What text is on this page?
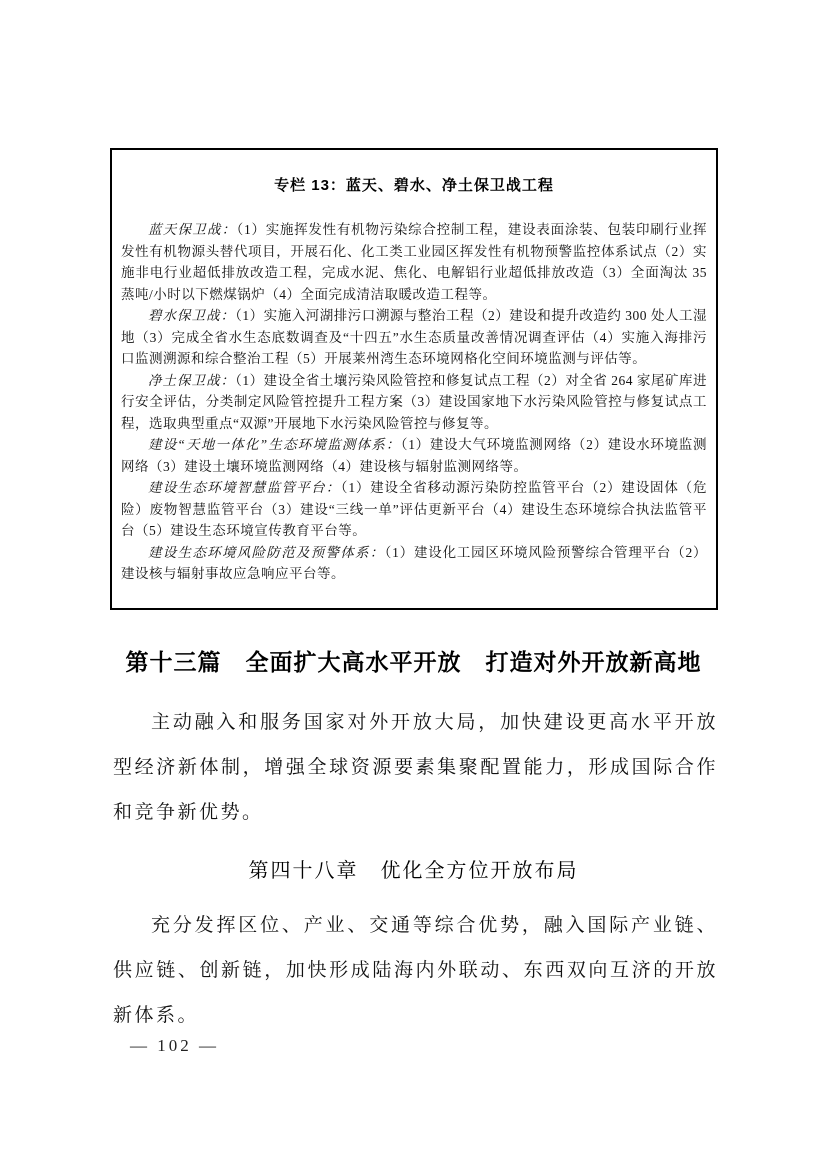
专栏 13：蓝天、碧水、净土保卫战工程

蓝天保卫战：（1）实施挥发性有机物污染综合控制工程，建设表面涂装、包装印刷行业挥发性有机物源头替代项目，开展石化、化工类工业园区挥发性有机物预警监控体系试点（2）实施非电行业超低排放改造工程，完成水泥、焦化、电解铝行业超低排放改造（3）全面淘汰 35 蒸吨/小时以下燃煤锅炉（4）全面完成清洁取暖改造工程等。

碧水保卫战：（1）实施入河湖排污口溯源与整治工程（2）建设和提升改造约 300 处人工湿地（3）完成全省水生态底数调查及“十四五”水生态质量改善情况调查评估（4）实施入海排污口监测溯源和综合整治工程（5）开展莱州湾生态环境网格化空间环境监测与评估等。

净土保卫战：（1）建设全省土壤污染风险管控和修复试点工程（2）对全省 264 家尾矿库进行安全评估，分类制定风险管控提升工程方案（3）建设国家地下水污染风险管控与修复试点工程，选取典型重点“双源”开展地下水污染风险管控与修复等。

建设“天地一体化”生态环境监测体系：（1）建设大气环境监测网络（2）建设水环境监测网络（3）建设土壤环境监测网络（4）建设核与辐射监测网络等。

建设生态环境智慧监管平台：（1）建设全省移动源污染防控监管平台（2）建设固体（危险）废物智慧监管平台（3）建设“三线一单”评估更新平台（4）建设生态环境综合执法监管平台（5）建设生态环境宣传教育平台等。

建设生态环境风险防范及预警体系：（1）建设化工园区环境风险预警综合管理平台（2）建设核与辐射事故应急响应平台等。

第十三篇　全面扩大高水平开放　打造对外开放新高地

主动融入和服务国家对外开放大局，加快建设更高水平开放型经济新体制，增强全球资源要素集聚配置能力，形成国际合作和竞争新优势。

第四十八章　优化全方位开放布局

充分发挥区位、产业、交通等综合优势，融入国际产业链、供应链、创新链，加快形成陆海内外联动、东西双向互济的开放新体系。

— 102 —
